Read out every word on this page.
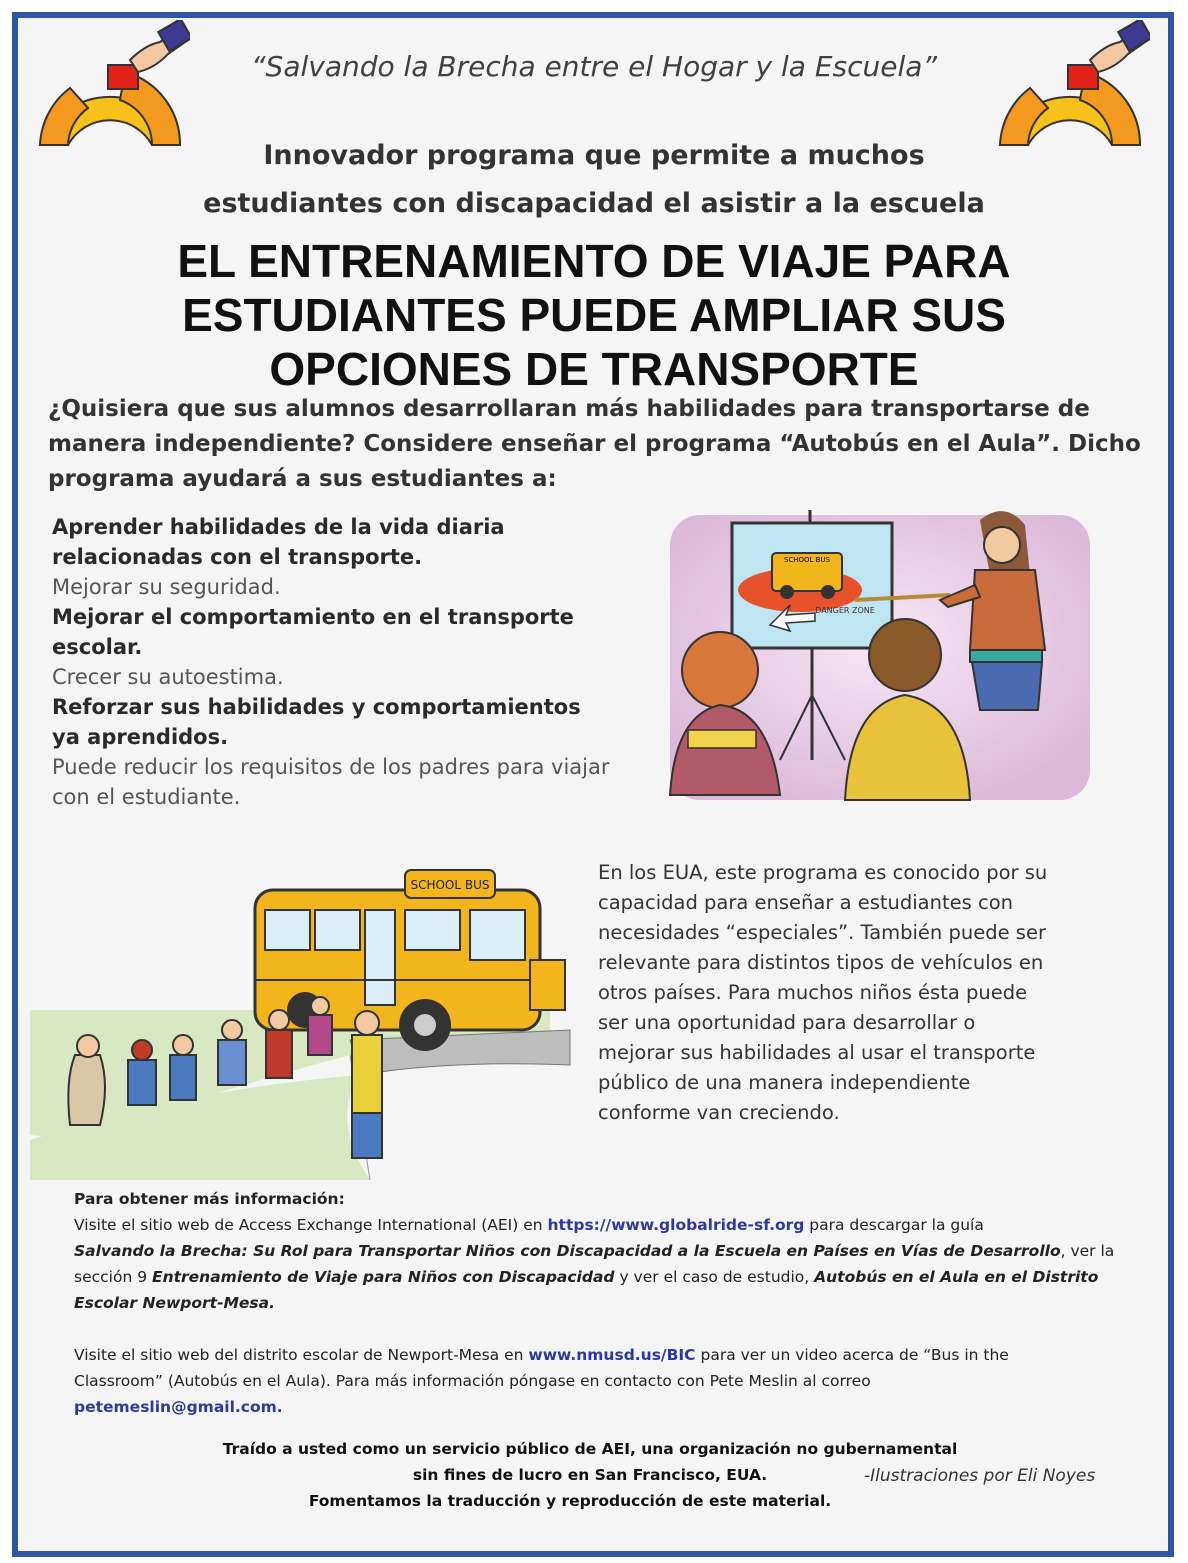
“Salvando la Brecha entre el Hogar y la Escuela”
Innovador programa que permite a muchos
estudiantes con discapacidad el asistir a la escuela
EL ENTRENAMIENTO DE VIAJE PARA
ESTUDIANTES PUEDE AMPLIAR SUS
OPCIONES DE TRANSPORTE
¿Quisiera que sus alumnos desarrollaran más habilidades para transportarse de
manera independiente? Considere enseñar el programa “Autobús en el Aula”. Dicho
programa ayudará a sus estudiantes a:
Aprender habilidades de la vida diaria
relacionadas con el transporte.
Mejorar su seguridad.
Mejorar el comportamiento en el transporte
escolar.
Crecer su autoestima.
Reforzar sus habilidades y comportamientos
ya aprendidos.
Puede reducir los requisitos de los padres para viajar
con el estudiante.
SCHOOL BUS
DANGER ZONE
SCHOOL BUS
En los EUA, este programa es conocido por su
capacidad para enseñar a estudiantes con
necesidades “especiales”. También puede ser
relevante para distintos tipos de vehículos en
otros países. Para muchos niños ésta puede
ser una oportunidad para desarrollar o
mejorar sus habilidades al usar el transporte
público de una manera independiente
conforme van creciendo.
Para obtener más información:
Visite el sitio web de Access Exchange International (AEI) en https://www.globalride-sf.org para descargar la guía
Salvando la Brecha: Su Rol para Transportar Niños con Discapacidad a la Escuela en Países en Vías de Desarrollo, ver la
sección 9 Entrenamiento de Viaje para Niños con Discapacidad y ver el caso de estudio, Autobús en el Aula en el Distrito
Escolar Newport-Mesa.
Visite el sitio web del distrito escolar de Newport-Mesa en www.nmusd.us/BIC para ver un video acerca de “Bus in the
Classroom” (Autobús en el Aula). Para más información póngase en contacto con Pete Meslin al correo
petemeslin@gmail.com.
Traído a usted como un servicio público de AEI, una organización no gubernamental
sin fines de lucro en San Francisco, EUA.
Fomentamos la traducción y reproducción de este material.
-Ilustraciones por Eli Noyes
